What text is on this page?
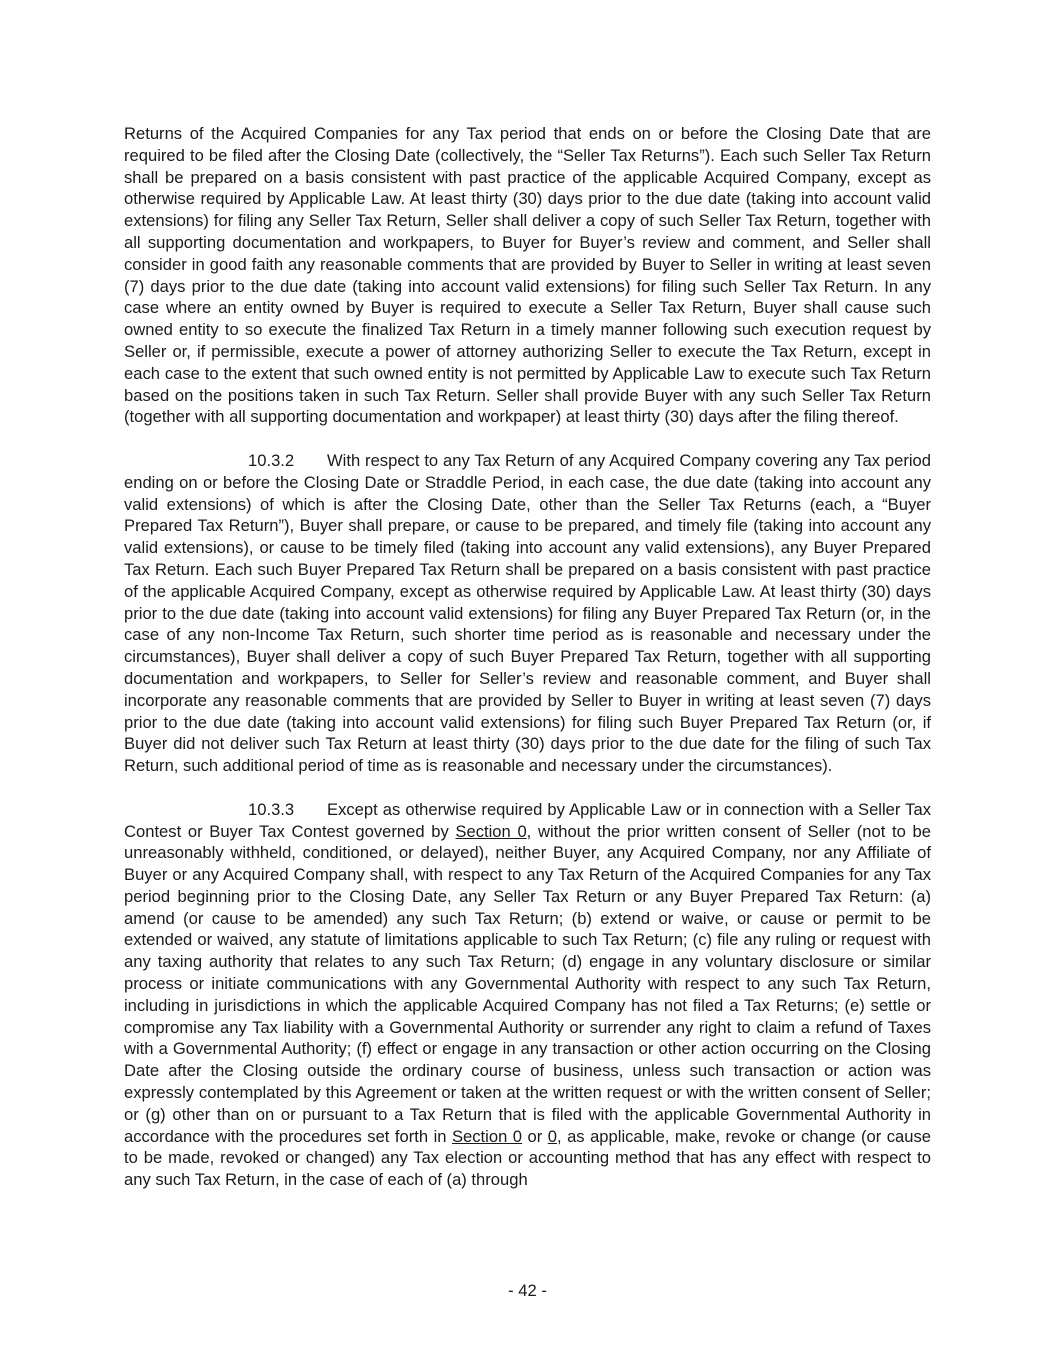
Returns of the Acquired Companies for any Tax period that ends on or before the Closing Date that are required to be filed after the Closing Date (collectively, the “Seller Tax Returns”). Each such Seller Tax Return shall be prepared on a basis consistent with past practice of the applicable Acquired Company, except as otherwise required by Applicable Law. At least thirty (30) days prior to the due date (taking into account valid extensions) for filing any Seller Tax Return, Seller shall deliver a copy of such Seller Tax Return, together with all supporting documentation and workpapers, to Buyer for Buyer’s review and comment, and Seller shall consider in good faith any reasonable comments that are provided by Buyer to Seller in writing at least seven (7) days prior to the due date (taking into account valid extensions) for filing such Seller Tax Return. In any case where an entity owned by Buyer is required to execute a Seller Tax Return, Buyer shall cause such owned entity to so execute the finalized Tax Return in a timely manner following such execution request by Seller or, if permissible, execute a power of attorney authorizing Seller to execute the Tax Return, except in each case to the extent that such owned entity is not permitted by Applicable Law to execute such Tax Return based on the positions taken in such Tax Return. Seller shall provide Buyer with any such Seller Tax Return (together with all supporting documentation and workpaper) at least thirty (30) days after the filing thereof.

10.3.2 With respect to any Tax Return of any Acquired Company covering any Tax period ending on or before the Closing Date or Straddle Period, in each case, the due date (taking into account any valid extensions) of which is after the Closing Date, other than the Seller Tax Returns (each, a “Buyer Prepared Tax Return”), Buyer shall prepare, or cause to be prepared, and timely file (taking into account any valid extensions), or cause to be timely filed (taking into account any valid extensions), any Buyer Prepared Tax Return. Each such Buyer Prepared Tax Return shall be prepared on a basis consistent with past practice of the applicable Acquired Company, except as otherwise required by Applicable Law. At least thirty (30) days prior to the due date (taking into account valid extensions) for filing any Buyer Prepared Tax Return (or, in the case of any non-Income Tax Return, such shorter time period as is reasonable and necessary under the circumstances), Buyer shall deliver a copy of such Buyer Prepared Tax Return, together with all supporting documentation and workpapers, to Seller for Seller’s review and reasonable comment, and Buyer shall incorporate any reasonable comments that are provided by Seller to Buyer in writing at least seven (7) days prior to the due date (taking into account valid extensions) for filing such Buyer Prepared Tax Return (or, if Buyer did not deliver such Tax Return at least thirty (30) days prior to the due date for the filing of such Tax Return, such additional period of time as is reasonable and necessary under the circumstances).

10.3.3 Except as otherwise required by Applicable Law or in connection with a Seller Tax Contest or Buyer Tax Contest governed by Section 0, without the prior written consent of Seller (not to be unreasonably withheld, conditioned, or delayed), neither Buyer, any Acquired Company, nor any Affiliate of Buyer or any Acquired Company shall, with respect to any Tax Return of the Acquired Companies for any Tax period beginning prior to the Closing Date, any Seller Tax Return or any Buyer Prepared Tax Return: (a) amend (or cause to be amended) any such Tax Return; (b) extend or waive, or cause or permit to be extended or waived, any statute of limitations applicable to such Tax Return; (c) file any ruling or request with any taxing authority that relates to any such Tax Return; (d) engage in any voluntary disclosure or similar process or initiate communications with any Governmental Authority with respect to any such Tax Return, including in jurisdictions in which the applicable Acquired Company has not filed a Tax Returns; (e) settle or compromise any Tax liability with a Governmental Authority or surrender any right to claim a refund of Taxes with a Governmental Authority; (f) effect or engage in any transaction or other action occurring on the Closing Date after the Closing outside the ordinary course of business, unless such transaction or action was expressly contemplated by this Agreement or taken at the written request or with the written consent of Seller; or (g) other than on or pursuant to a Tax Return that is filed with the applicable Governmental Authority in accordance with the procedures set forth in Section 0 or 0, as applicable, make, revoke or change (or cause to be made, revoked or changed) any Tax election or accounting method that has any effect with respect to any such Tax Return, in the case of each of (a) through

- 42 -
